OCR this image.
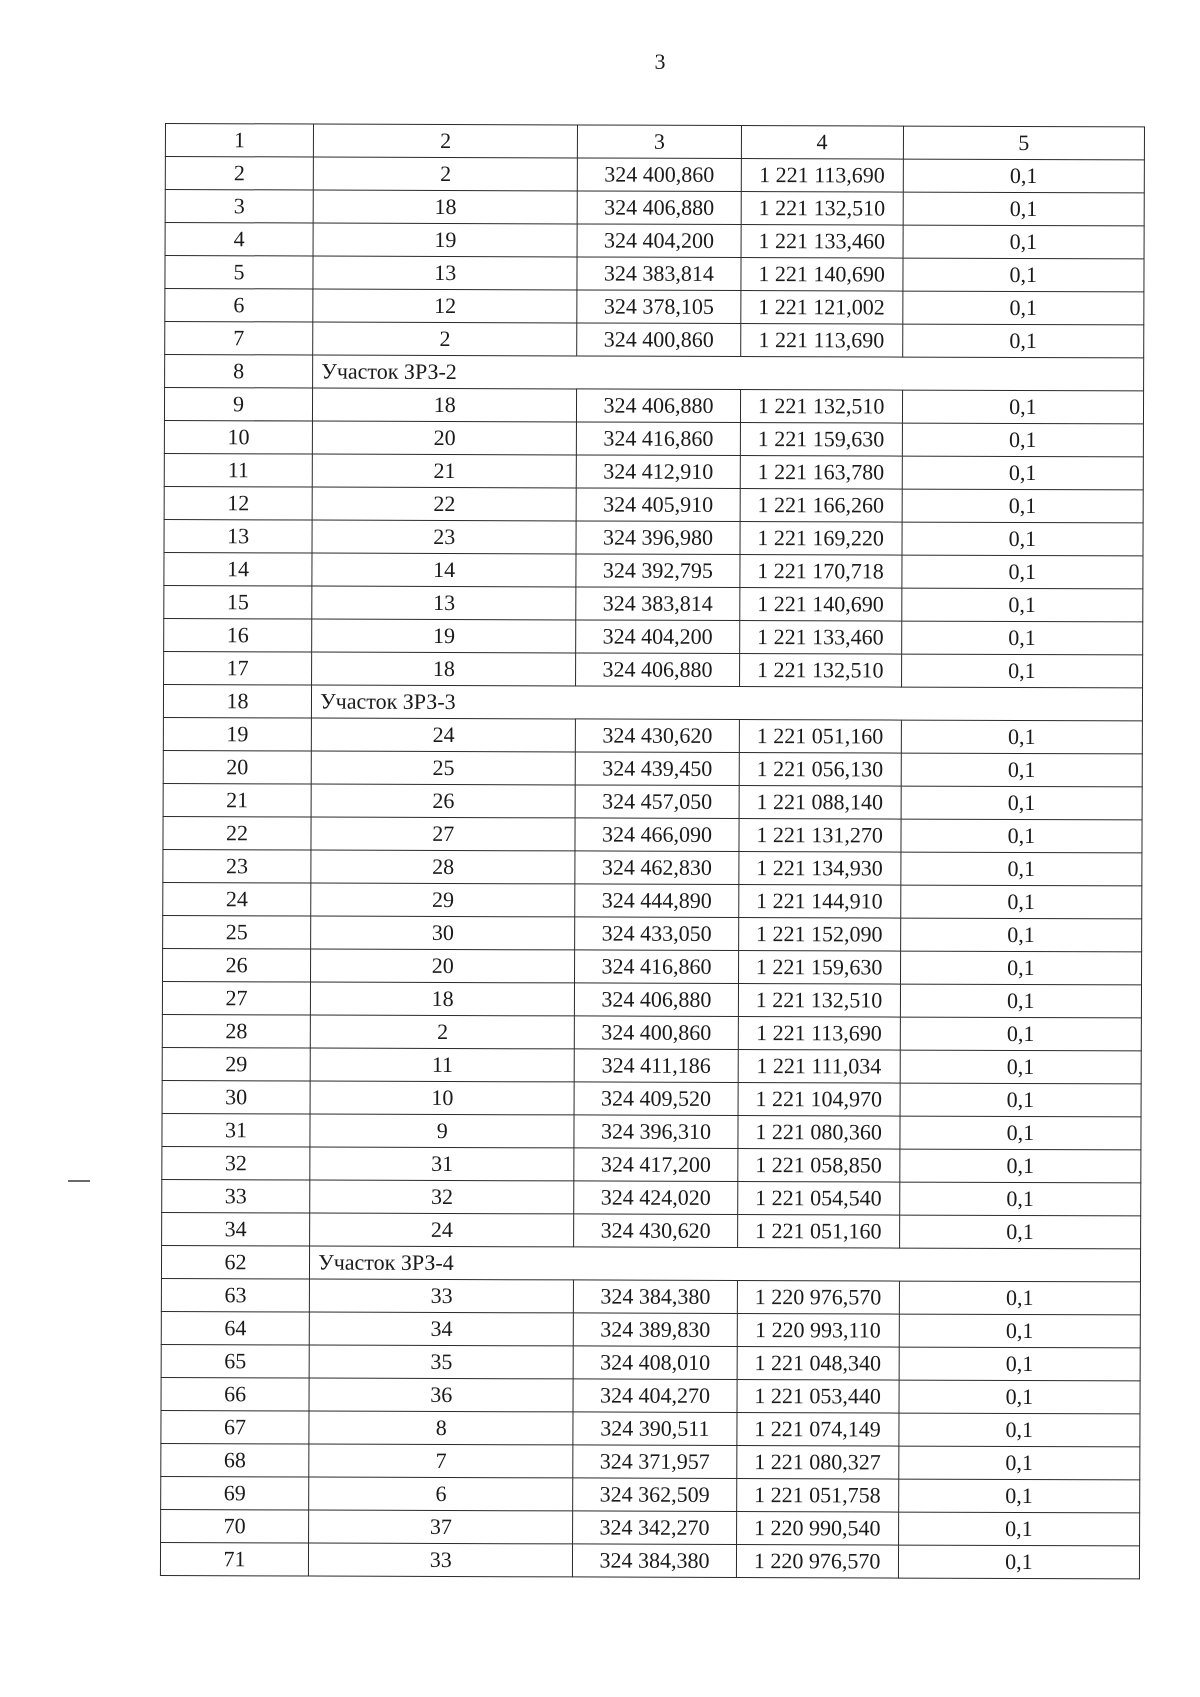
3
1	2	3	4	5
2	2	324 400,860	1 221 113,690	0,1
3	18	324 406,880	1 221 132,510	0,1
4	19	324 404,200	1 221 133,460	0,1
5	13	324 383,814	1 221 140,690	0,1
6	12	324 378,105	1 221 121,002	0,1
7	2	324 400,860	1 221 113,690	0,1
8	Участок ЗРЗ-2			
9	18	324 406,880	1 221 132,510	0,1
10	20	324 416,860	1 221 159,630	0,1
11	21	324 412,910	1 221 163,780	0,1
12	22	324 405,910	1 221 166,260	0,1
13	23	324 396,980	1 221 169,220	0,1
14	14	324 392,795	1 221 170,718	0,1
15	13	324 383,814	1 221 140,690	0,1
16	19	324 404,200	1 221 133,460	0,1
17	18	324 406,880	1 221 132,510	0,1
18	Участок ЗРЗ-3			
19	24	324 430,620	1 221 051,160	0,1
20	25	324 439,450	1 221 056,130	0,1
21	26	324 457,050	1 221 088,140	0,1
22	27	324 466,090	1 221 131,270	0,1
23	28	324 462,830	1 221 134,930	0,1
24	29	324 444,890	1 221 144,910	0,1
25	30	324 433,050	1 221 152,090	0,1
26	20	324 416,860	1 221 159,630	0,1
27	18	324 406,880	1 221 132,510	0,1
28	2	324 400,860	1 221 113,690	0,1
29	11	324 411,186	1 221 111,034	0,1
30	10	324 409,520	1 221 104,970	0,1
31	9	324 396,310	1 221 080,360	0,1
32	31	324 417,200	1 221 058,850	0,1
33	32	324 424,020	1 221 054,540	0,1
34	24	324 430,620	1 221 051,160	0,1
62	Участок ЗРЗ-4			
63	33	324 384,380	1 220 976,570	0,1
64	34	324 389,830	1 220 993,110	0,1
65	35	324 408,010	1 221 048,340	0,1
66	36	324 404,270	1 221 053,440	0,1
67	8	324 390,511	1 221 074,149	0,1
68	7	324 371,957	1 221 080,327	0,1
69	6	324 362,509	1 221 051,758	0,1
70	37	324 342,270	1 220 990,540	0,1
71	33	324 384,380	1 220 976,570	0,1
